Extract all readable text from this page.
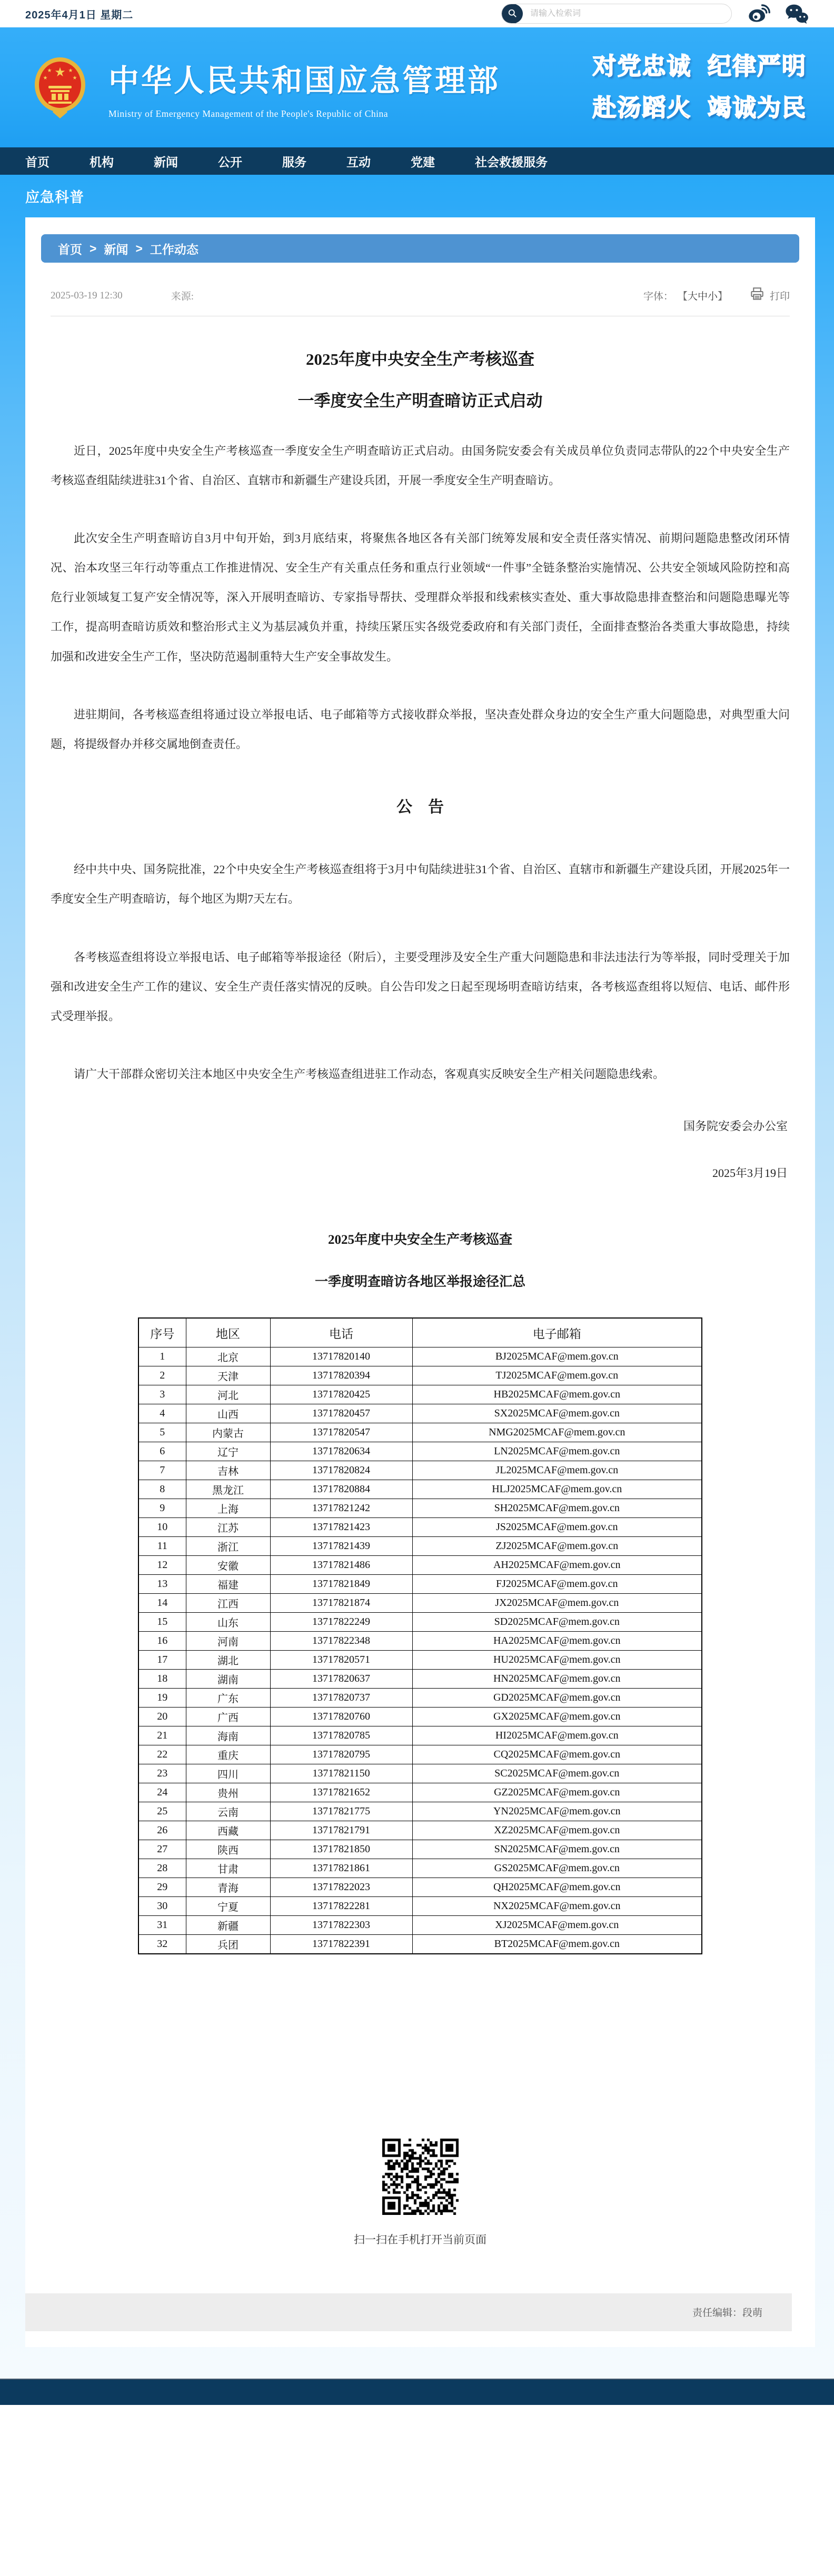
2025年4月1日 星期二
请输入检索词
★
★	★
★	★ 中华人民共和国应急管理部
Ministry of Emergency Management of the People's Republic of China
对党忠诚 纪律严明
赴汤蹈火 竭诚为民
首页	机构	新闻	公开	服务	互动	党建	社会救援服务
应急科普
首页 > 新闻 > 工作动态
2025-03-19 12:30	来源:	字体： 【大中小】	打印
2025年度中央安全生产考核巡查
一季度安全生产明查暗访正式启动

近日，2025年度中央安全生产考核巡查一季度安全生产明查暗访正式启动。由国务院安委会有关成员单位负责同志带队的22个中央安全生产考核巡查组陆续进驻31个省、自治区、直辖市和新疆生产建设兵团，开展一季度安全生产明查暗访。

此次安全生产明查暗访自3月中旬开始，到3月底结束，将聚焦各地区各有关部门统筹发展和安全责任落实情况、前期问题隐患整改闭环情况、治本攻坚三年行动等重点工作推进情况、安全生产有关重点任务和重点行业领域“一件事”全链条整治实施情况、公共安全领域风险防控和高危行业领域复工复产安全情况等，深入开展明查暗访、专家指导帮扶、受理群众举报和线索核实查处、重大事故隐患排查整治和问题隐患曝光等工作，提高明查暗访质效和整治形式主义为基层减负并重，持续压紧压实各级党委政府和有关部门责任，全面排查整治各类重大事故隐患，持续加强和改进安全生产工作，坚决防范遏制重特大生产安全事故发生。

进驻期间，各考核巡查组将通过设立举报电话、电子邮箱等方式接收群众举报，坚决查处群众身边的安全生产重大问题隐患，对典型重大问题，将提级督办并移交属地倒查责任。

公　告

经中共中央、国务院批准，22个中央安全生产考核巡查组将于3月中旬陆续进驻31个省、自治区、直辖市和新疆生产建设兵团，开展2025年一季度安全生产明查暗访，每个地区为期7天左右。

各考核巡查组将设立举报电话、电子邮箱等举报途径（附后），主要受理涉及安全生产重大问题隐患和非法违法行为等举报，同时受理关于加强和改进安全生产工作的建议、安全生产责任落实情况的反映。自公告印发之日起至现场明查暗访结束，各考核巡查组将以短信、电话、邮件形式受理举报。

请广大干部群众密切关注本地区中央安全生产考核巡查组进驻工作动态，客观真实反映安全生产相关问题隐患线索。

国务院安委会办公室
2025年3月19日
2025年度中央安全生产考核巡查
一季度明查暗访各地区举报途径汇总
序号	地区	电话	电子邮箱
1	北京	13717820140	BJ2025MCAF@mem.gov.cn
2	天津	13717820394	TJ2025MCAF@mem.gov.cn
3	河北	13717820425	HB2025MCAF@mem.gov.cn
4	山西	13717820457	SX2025MCAF@mem.gov.cn
5	内蒙古	13717820547	NMG2025MCAF@mem.gov.cn
6	辽宁	13717820634	LN2025MCAF@mem.gov.cn
7	吉林	13717820824	JL2025MCAF@mem.gov.cn
8	黑龙江	13717820884	HLJ2025MCAF@mem.gov.cn
9	上海	13717821242	SH2025MCAF@mem.gov.cn
10	江苏	13717821423	JS2025MCAF@mem.gov.cn
11	浙江	13717821439	ZJ2025MCAF@mem.gov.cn
12	安徽	13717821486	AH2025MCAF@mem.gov.cn
13	福建	13717821849	FJ2025MCAF@mem.gov.cn
14	江西	13717821874	JX2025MCAF@mem.gov.cn
15	山东	13717822249	SD2025MCAF@mem.gov.cn
16	河南	13717822348	HA2025MCAF@mem.gov.cn
17	湖北	13717820571	HU2025MCAF@mem.gov.cn
18	湖南	13717820637	HN2025MCAF@mem.gov.cn
19	广东	13717820737	GD2025MCAF@mem.gov.cn
20	广西	13717820760	GX2025MCAF@mem.gov.cn
21	海南	13717820785	HI2025MCAF@mem.gov.cn
22	重庆	13717820795	CQ2025MCAF@mem.gov.cn
23	四川	13717821150	SC2025MCAF@mem.gov.cn
24	贵州	13717821652	GZ2025MCAF@mem.gov.cn
25	云南	13717821775	YN2025MCAF@mem.gov.cn
26	西藏	13717821791	XZ2025MCAF@mem.gov.cn
27	陕西	13717821850	SN2025MCAF@mem.gov.cn
28	甘肃	13717821861	GS2025MCAF@mem.gov.cn
29	青海	13717822023	QH2025MCAF@mem.gov.cn
30	宁夏	13717822281	NX2025MCAF@mem.gov.cn
31	新疆	13717822303	XJ2025MCAF@mem.gov.cn
32	兵团	13717822391	BT2025MCAF@mem.gov.cn
扫一扫在手机打开当前页面
责任编辑：段萌
